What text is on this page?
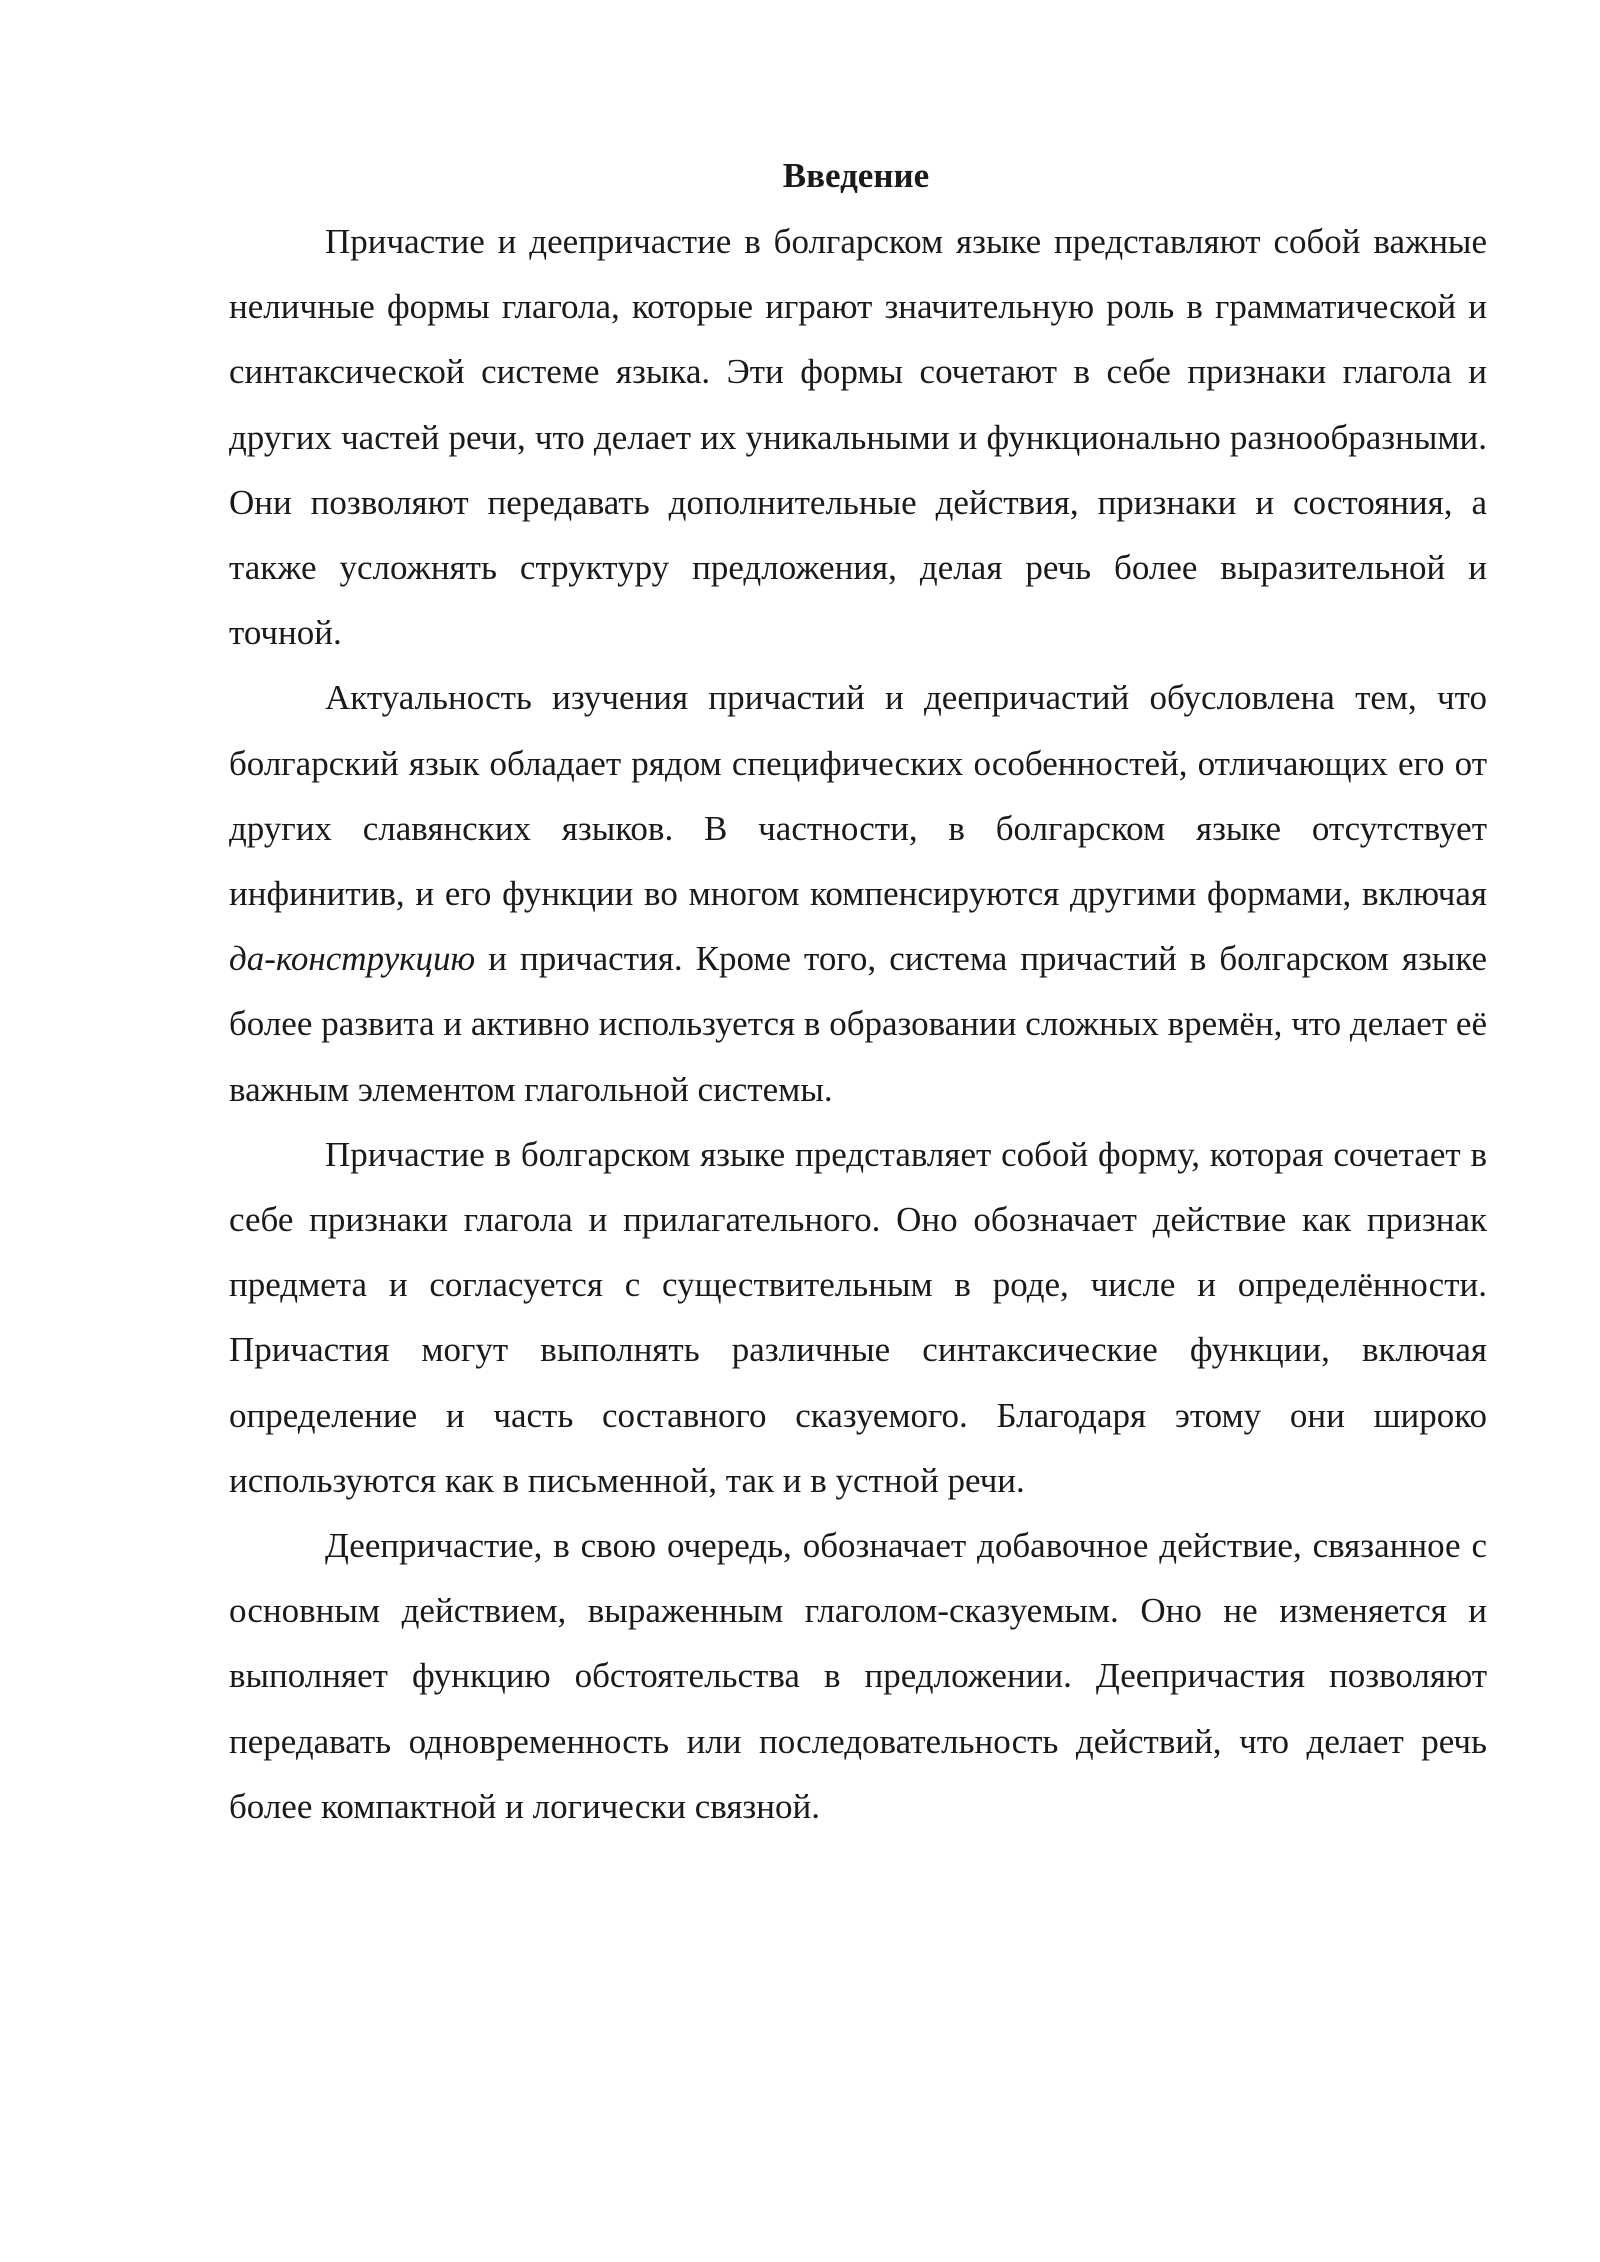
Введение

Причастие и деепричастие в болгарском языке представляют собой важные неличные формы глагола, которые играют значительную роль в грамматической и синтаксической системе языка. Эти формы сочетают в себе признаки глагола и других частей речи, что делает их уникальными и функционально разнообразными. Они позволяют передавать дополнительные действия, признаки и состояния, а также усложнять структуру предложения, делая речь более выразительной и точной.

Актуальность изучения причастий и деепричастий обусловлена тем, что болгарский язык обладает рядом специфических особенностей, отличающих его от других славянских языков. В частности, в болгарском языке отсутствует инфинитив, и его функции во многом компенсируются другими формами, включая да-конструкцию и причастия. Кроме того, система причастий в болгарском языке более развита и активно используется в образовании сложных времён, что делает её важным элементом глагольной системы.

Причастие в болгарском языке представляет собой форму, которая сочетает в себе признаки глагола и прилагательного. Оно обозначает действие как признак предмета и согласуется с существительным в роде, числе и определённости. Причастия могут выполнять различные синтаксические функции, включая определение и часть составного сказуемого. Благодаря этому они широко используются как в письменной, так и в устной речи.

Деепричастие, в свою очередь, обозначает добавочное действие, связанное с основным действием, выраженным глаголом-сказуемым. Оно не изменяется и выполняет функцию обстоятельства в предложении. Деепричастия позволяют передавать одновременность или последовательность действий, что делает речь более компактной и логически связной.
